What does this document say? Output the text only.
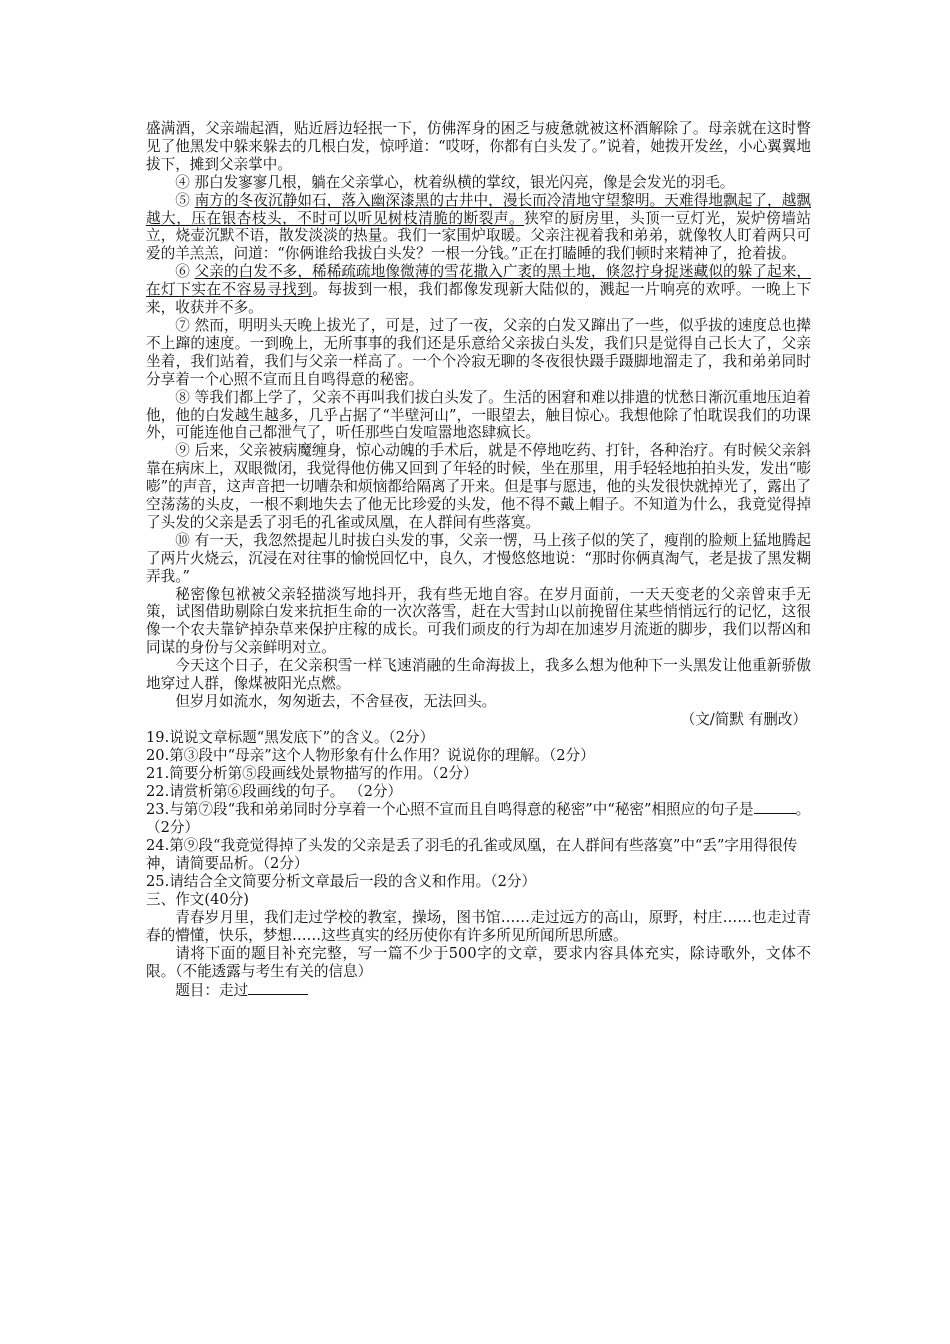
盛满酒，父亲端起酒，贴近唇边轻抿一下，仿佛浑身的困乏与疲惫就被这杯酒解除了。母亲就在这时瞥见了他黑发中躲来躲去的几根白发，惊呼道：“哎呀，你都有白头发了。”说着，她拨开发丝，小心翼翼地拔下，摊到父亲掌中。

④ 那白发寥寥几根，躺在父亲掌心，枕着纵横的掌纹，银光闪亮，像是会发光的羽毛。

⑤ 南方的冬夜沉静如石，落入幽深漆黑的古井中，漫长而冷清地守望黎明。天难得地飘起了，越飘越大，压在银杏枝头，不时可以听见树枝清脆的断裂声。狭窄的厨房里，头顶一豆灯光，炭炉傍墙站立，烧壶沉默不语，散发淡淡的热量。我们一家围炉取暖。父亲注视着我和弟弟，就像牧人盯着两只可爱的羊羔羔，问道：“你俩谁给我拔白头发？一根一分钱。”正在打瞌睡的我们顿时来精神了，抢着拔。

⑥ 父亲的白发不多，稀稀疏疏地像微薄的雪花撒入广袤的黑土地，倏忽拧身捉迷藏似的躲了起来，在灯下实在不容易寻找到。每拔到一根，我们都像发现新大陆似的，溅起一片响亮的欢呼。一晚上下来，收获并不多。

⑦ 然而，明明头天晚上拔光了，可是，过了一夜，父亲的白发又蹿出了一些，似乎拔的速度总也撵不上蹿的速度。一到晚上，无所事事的我们还是乐意给父亲拔白头发，我们只是觉得自己长大了，父亲坐着，我们站着，我们与父亲一样高了。一个个冷寂无聊的冬夜很快蹑手蹑脚地溜走了，我和弟弟同时分享着一个心照不宣而且自鸣得意的秘密。

⑧ 等我们都上学了，父亲不再叫我们拔白头发了。生活的困窘和难以排遣的忧愁日渐沉重地压迫着他，他的白发越生越多，几乎占据了“半壁河山”，一眼望去，触目惊心。我想他除了怕耽误我们的功课外，可能连他自己都泄气了，听任那些白发喧嚣地恣肆疯长。

⑨ 后来，父亲被病魔缠身，惊心动魄的手术后，就是不停地吃药、打针，各种治疗。有时候父亲斜靠在病床上，双眼微闭，我觉得他仿佛又回到了年轻的时候，坐在那里，用手轻轻地拍拍头发，发出“嘭嘭”的声音，这声音把一切嘈杂和烦恼都给隔离了开来。但是事与愿违，他的头发很快就掉光了，露出了空荡荡的头皮，一根不剩地失去了他无比珍爱的头发，他不得不戴上帽子。不知道为什么，我竟觉得掉了头发的父亲是丢了羽毛的孔雀或凤凰，在人群间有些落寞。

⑩ 有一天，我忽然提起儿时拔白头发的事，父亲一愣，马上孩子似的笑了，瘦削的脸颊上猛地腾起了两片火烧云，沉浸在对往事的愉悦回忆中，良久，才慢悠悠地说：“那时你俩真淘气，老是拔了黑发糊弄我。”

秘密像包袱被父亲轻描淡写地抖开，我有些无地自容。在岁月面前，一天天变老的父亲曾束手无策，试图借助剔除白发来抗拒生命的一次次落雪，赶在大雪封山以前挽留住某些悄悄远行的记忆，这很像一个农夫靠铲掉杂草来保护庄稼的成长。可我们顽皮的行为却在加速岁月流逝的脚步，我们以帮凶和同谋的身份与父亲鲜明对立。

今天这个日子，在父亲积雪一样飞速消融的生命海拔上，我多么想为他种下一头黑发让他重新骄傲地穿过人群，像煤被阳光点燃。

但岁月如流水，匆匆逝去，不舍昼夜，无法回头。

（文/简默 有删改）

19.说说文章标题“黑发底下”的含义。（2分）

20.第③段中“母亲”这个人物形象有什么作用？说说你的理解。（2分）

21.简要分析第⑤段画线处景物描写的作用。（2分）

22.请赏析第⑥段画线的句子。 （2分）

23.与第⑦段“我和弟弟同时分享着一个心照不宣而且自鸣得意的秘密”中“秘密”相照应的句子是	。（2分）

24.第⑨段“我竟觉得掉了头发的父亲是丢了羽毛的孔雀或凤凰，在人群间有些落寞”中“丢”字用得很传神，请简要品析。（2分）

25.请结合全文简要分析文章最后一段的含义和作用。（2分）

三、作文(40分)

青春岁月里，我们走过学校的教室，操场，图书馆……走过远方的高山，原野，村庄……也走过青春的懵懂，快乐，梦想……这些真实的经历使你有许多所见所闻所思所感。

请将下面的题目补充完整，写一篇不少于500字的文章，要求内容具体充实，除诗歌外，文体不限。（不能透露与考生有关的信息）

题目：走过
